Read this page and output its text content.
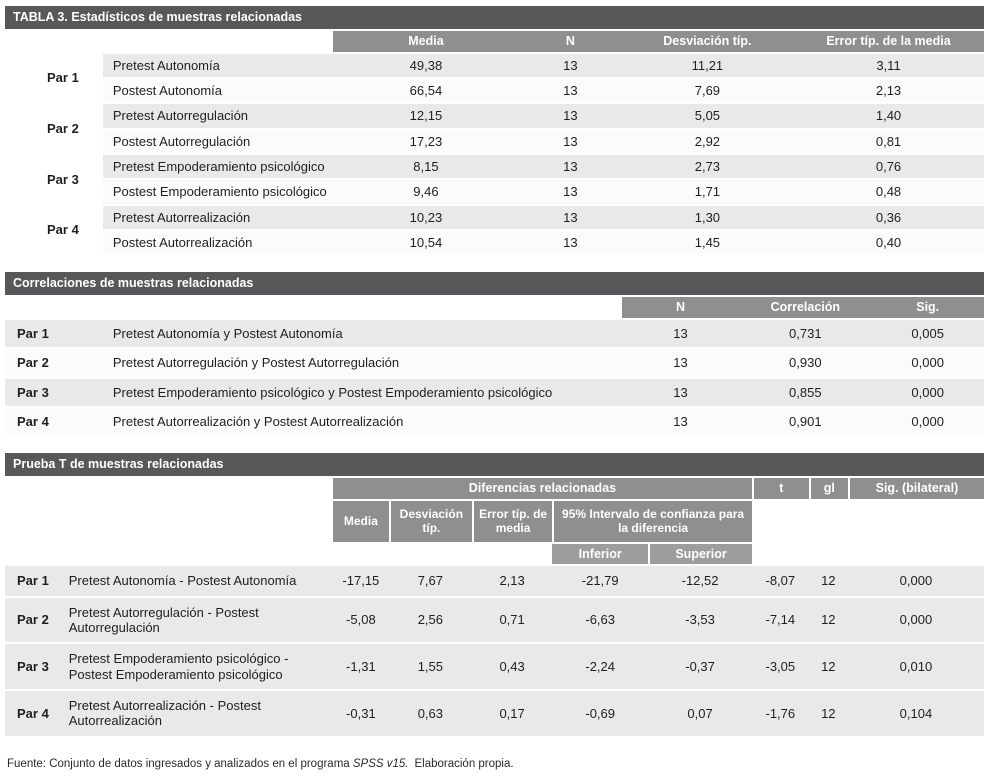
TABLA 3. Estadísticos de muestras relacionadas
		Media	N	Desviación típ.	Error típ. de la media
Par 1	Pretest Autonomía	49,38	13	11,21	3,11
	Postest Autonomía	66,54	13	7,69	2,13
Par 2	Pretest Autorregulación	12,15	13	5,05	1,40
	Postest Autorregulación	17,23	13	2,92	0,81
Par 3	Pretest Empoderamiento psicológico	8,15	13	2,73	0,76
	Postest Empoderamiento psicológico	9,46	13	1,71	0,48
Par 4	Pretest Autorrealización	10,23	13	1,30	0,36
	Postest Autorrealización	10,54	13	1,45	0,40
Correlaciones de muestras relacionadas
		N	Correlación	Sig.
Par 1	Pretest Autonomía y Postest Autonomía	13	0,731	0,005
Par 2	Pretest Autorregulación y Postest Autorregulación	13	0,930	0,000
Par 3	Pretest Empoderamiento psicológico y Postest Empoderamiento psicológico	13	0,855	0,000
Par 4	Pretest Autorrealización y Postest Autorrealización	13	0,901	0,000
Prueba T de muestras relacionadas
		Diferencias relacionadas					t	gl	Sig. (bilateral)
		Media	Desviación típ.	Error típ. de media	95% Intervalo de confianza para la diferencia				
					Inferior	Superior			
Par 1	Pretest Autonomía - Postest Autonomía	-17,15	7,67	2,13	-21,79	-12,52	-8,07	12	0,000
Par 2	Pretest Autorregulación - Postest Autorregulación	-5,08	2,56	0,71	-6,63	-3,53	-7,14	12	0,000
Par 3	Pretest Empoderamiento psicológico - Postest Empoderamiento psicológico	-1,31	1,55	0,43	-2,24	-0,37	-3,05	12	0,010
Par 4	Pretest Autorrealización - Postest Autorrealización	-0,31	0,63	0,17	-0,69	0,07	-1,76	12	0,104
Fuente: Conjunto de datos ingresados y analizados en el programa SPSS v15. Elaboración propia.
